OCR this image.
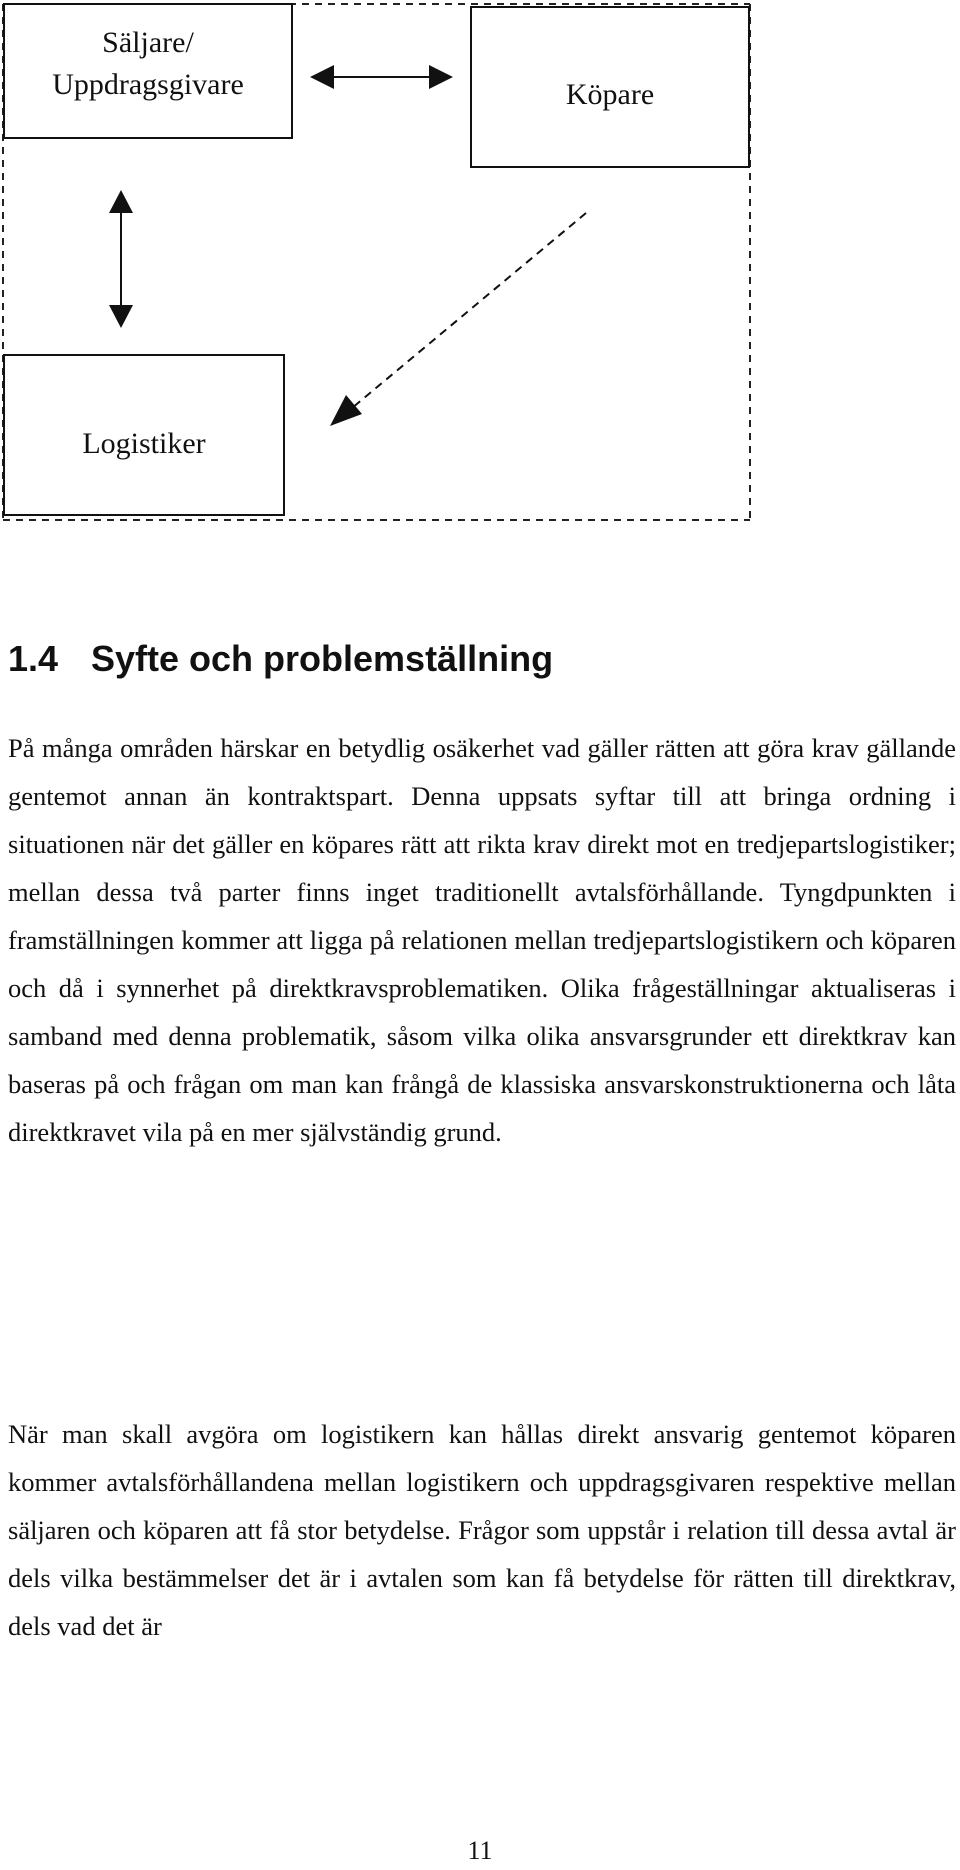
Säljare/
Uppdragsgivare	Köpare
Logistiker
1.4 Syfte och problemställning

På många områden härskar en betydlig osäkerhet vad gäller rätten att göra krav gällande gentemot annan än kontraktspart. Denna uppsats syftar till att bringa ordning i situationen när det gäller en köpares rätt att rikta krav direkt mot en tredjepartslogistiker; mellan dessa två parter finns inget traditionellt avtalsförhållande. Tyngdpunkten i framställningen kommer att ligga på relationen mellan tredjepartslogistikern och köparen och då i synnerhet på direktkravsproblematiken. Olika frågeställningar aktualiseras i samband med denna problematik, såsom vilka olika ansvarsgrunder ett direktkrav kan baseras på och frågan om man kan frångå de klassiska ansvarskonstruktionerna och låta direktkravet vila på en mer självständig grund.

När man skall avgöra om logistikern kan hållas direkt ansvarig gentemot köparen kommer avtalsförhållandena mellan logistikern och uppdragsgivaren respektive mellan säljaren och köparen att få stor betydelse. Frågor som uppstår i relation till dessa avtal är dels vilka bestämmelser det är i avtalen som kan få betydelse för rätten till direktkrav, dels vad det är

11
